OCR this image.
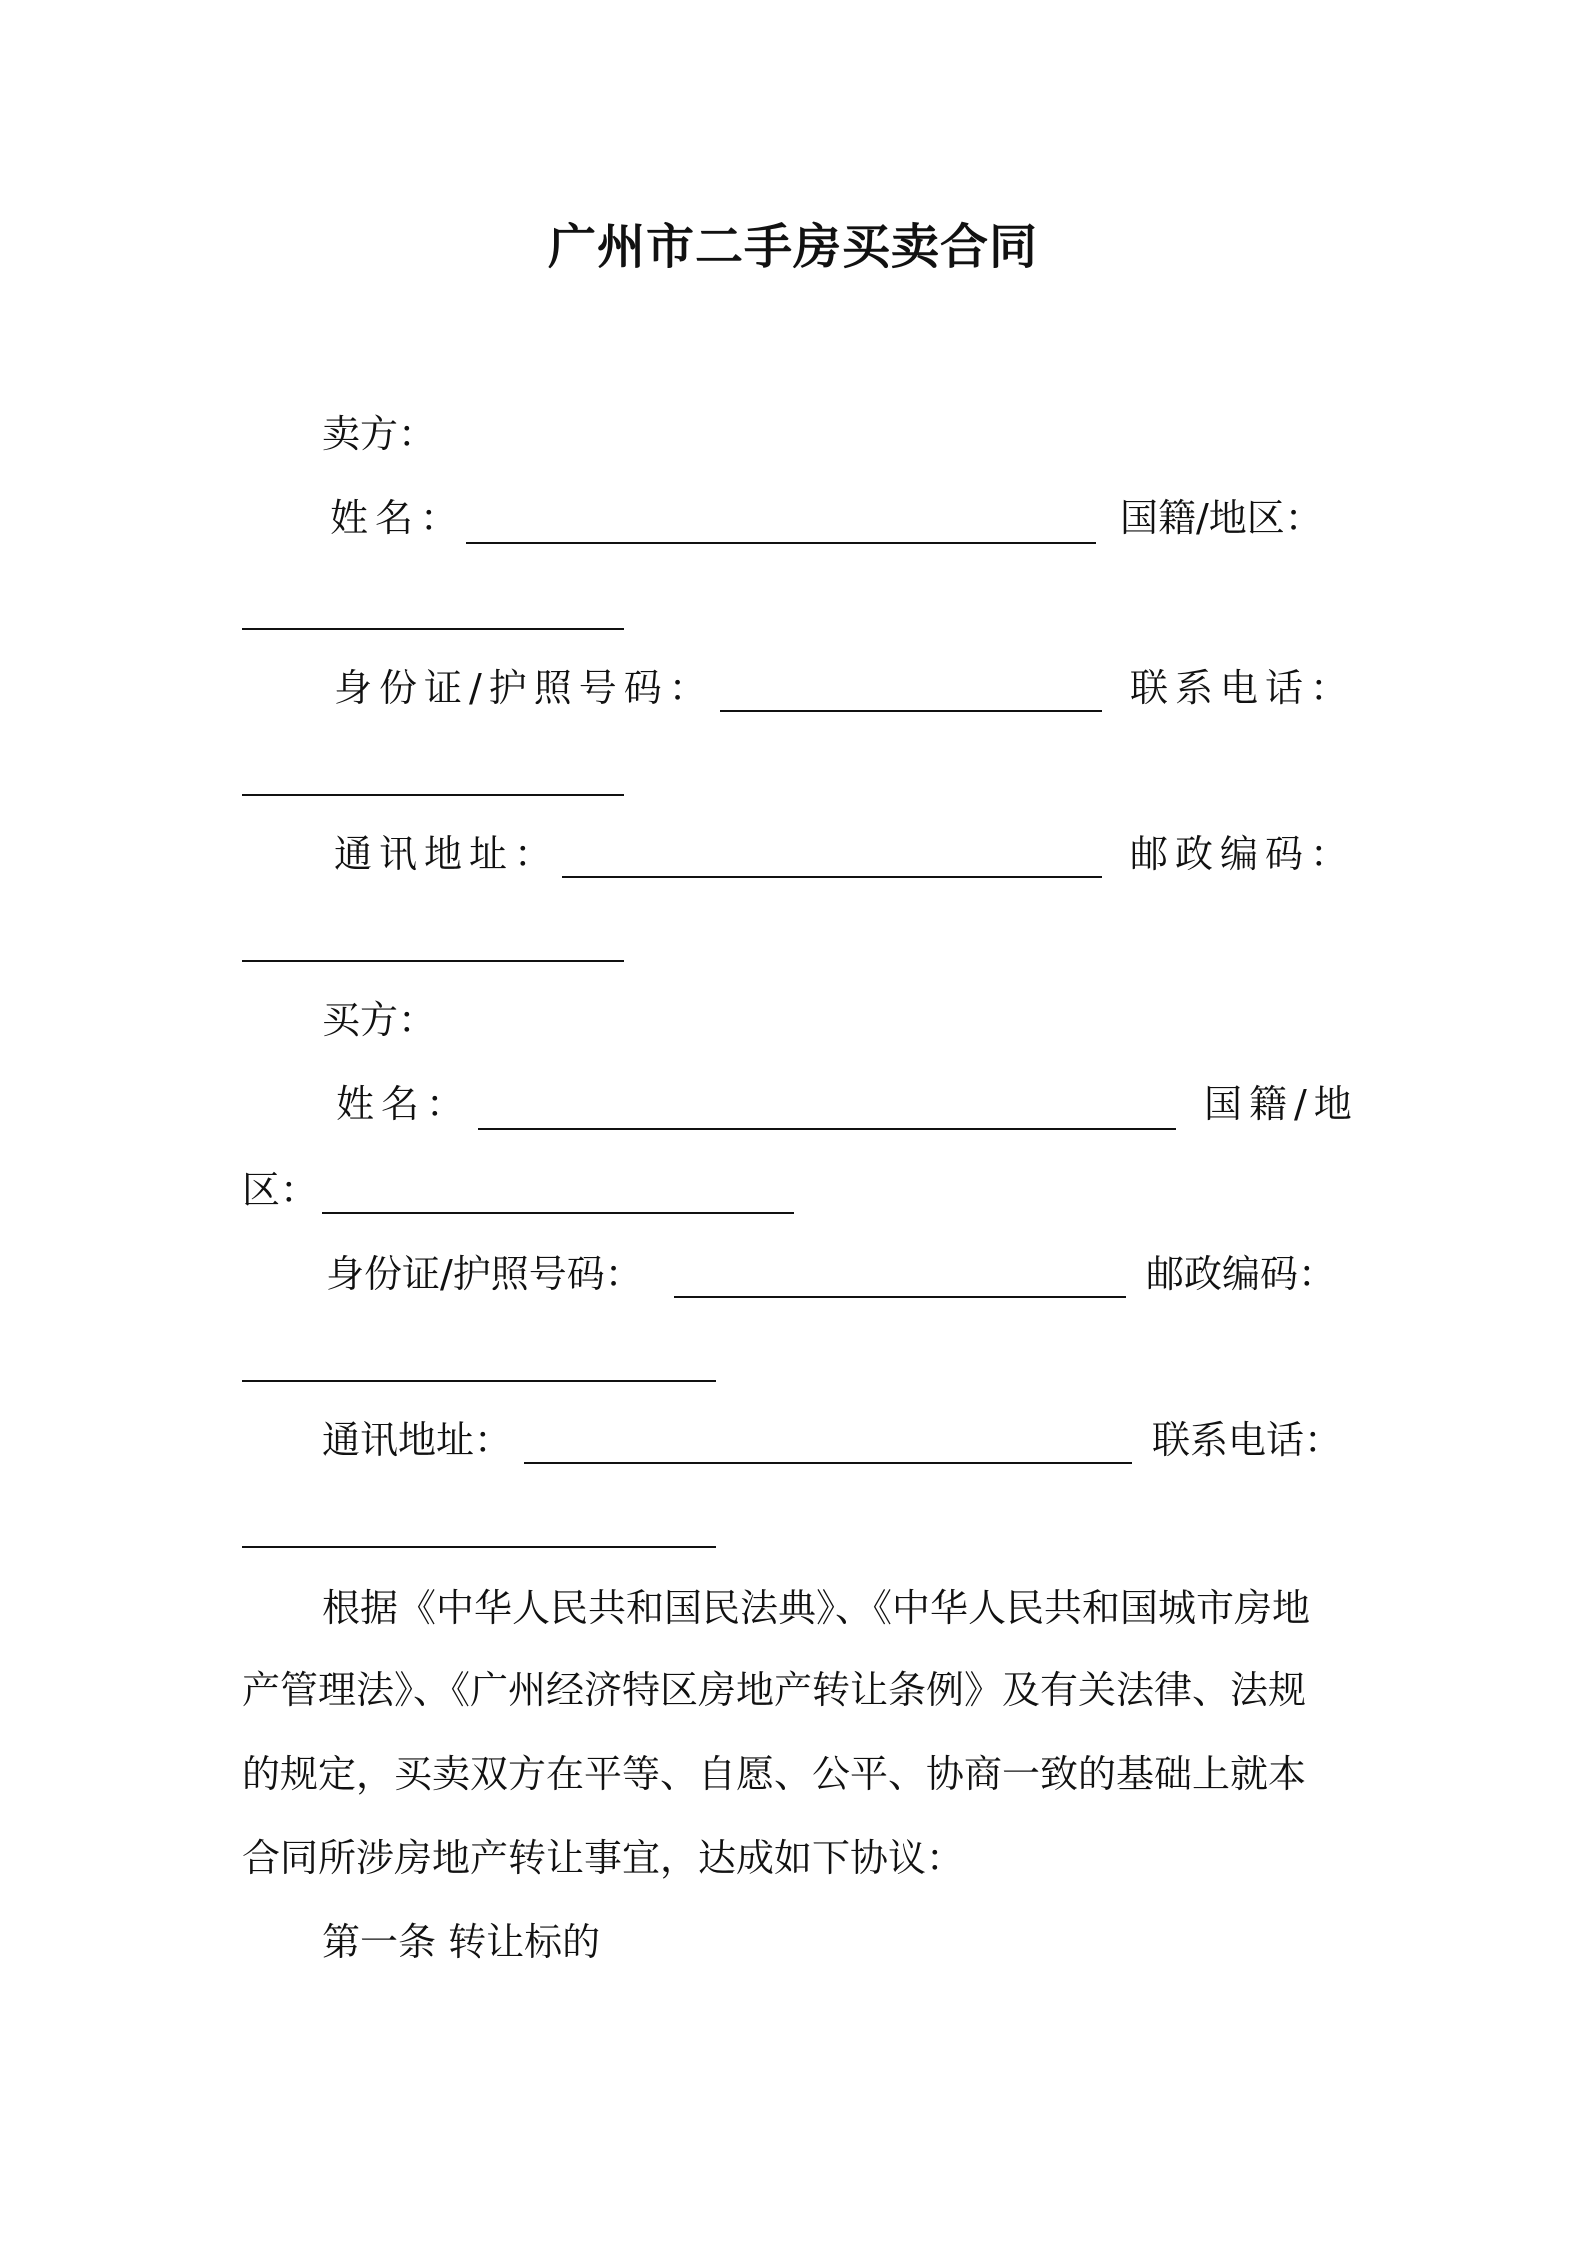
广州市二手房买卖合同
卖方：
姓名：	国籍/地区：
身份证/护照号码：	联系电话：
通讯地址：	邮政编码：
买方：
姓名：	国籍/地
区：
身份证/护照号码：	邮政编码：
通讯地址：	联系电话：
根据《中华人民共和国民法典》、《中华人民共和国城市房地
产管理法》、《广州经济特区房地产转让条例》及有关法律、法规
的规定，买卖双方在平等、自愿、公平、协商一致的基础上就本
合同所涉房地产转让事宜，达成如下协议：
第一条 转让标的
